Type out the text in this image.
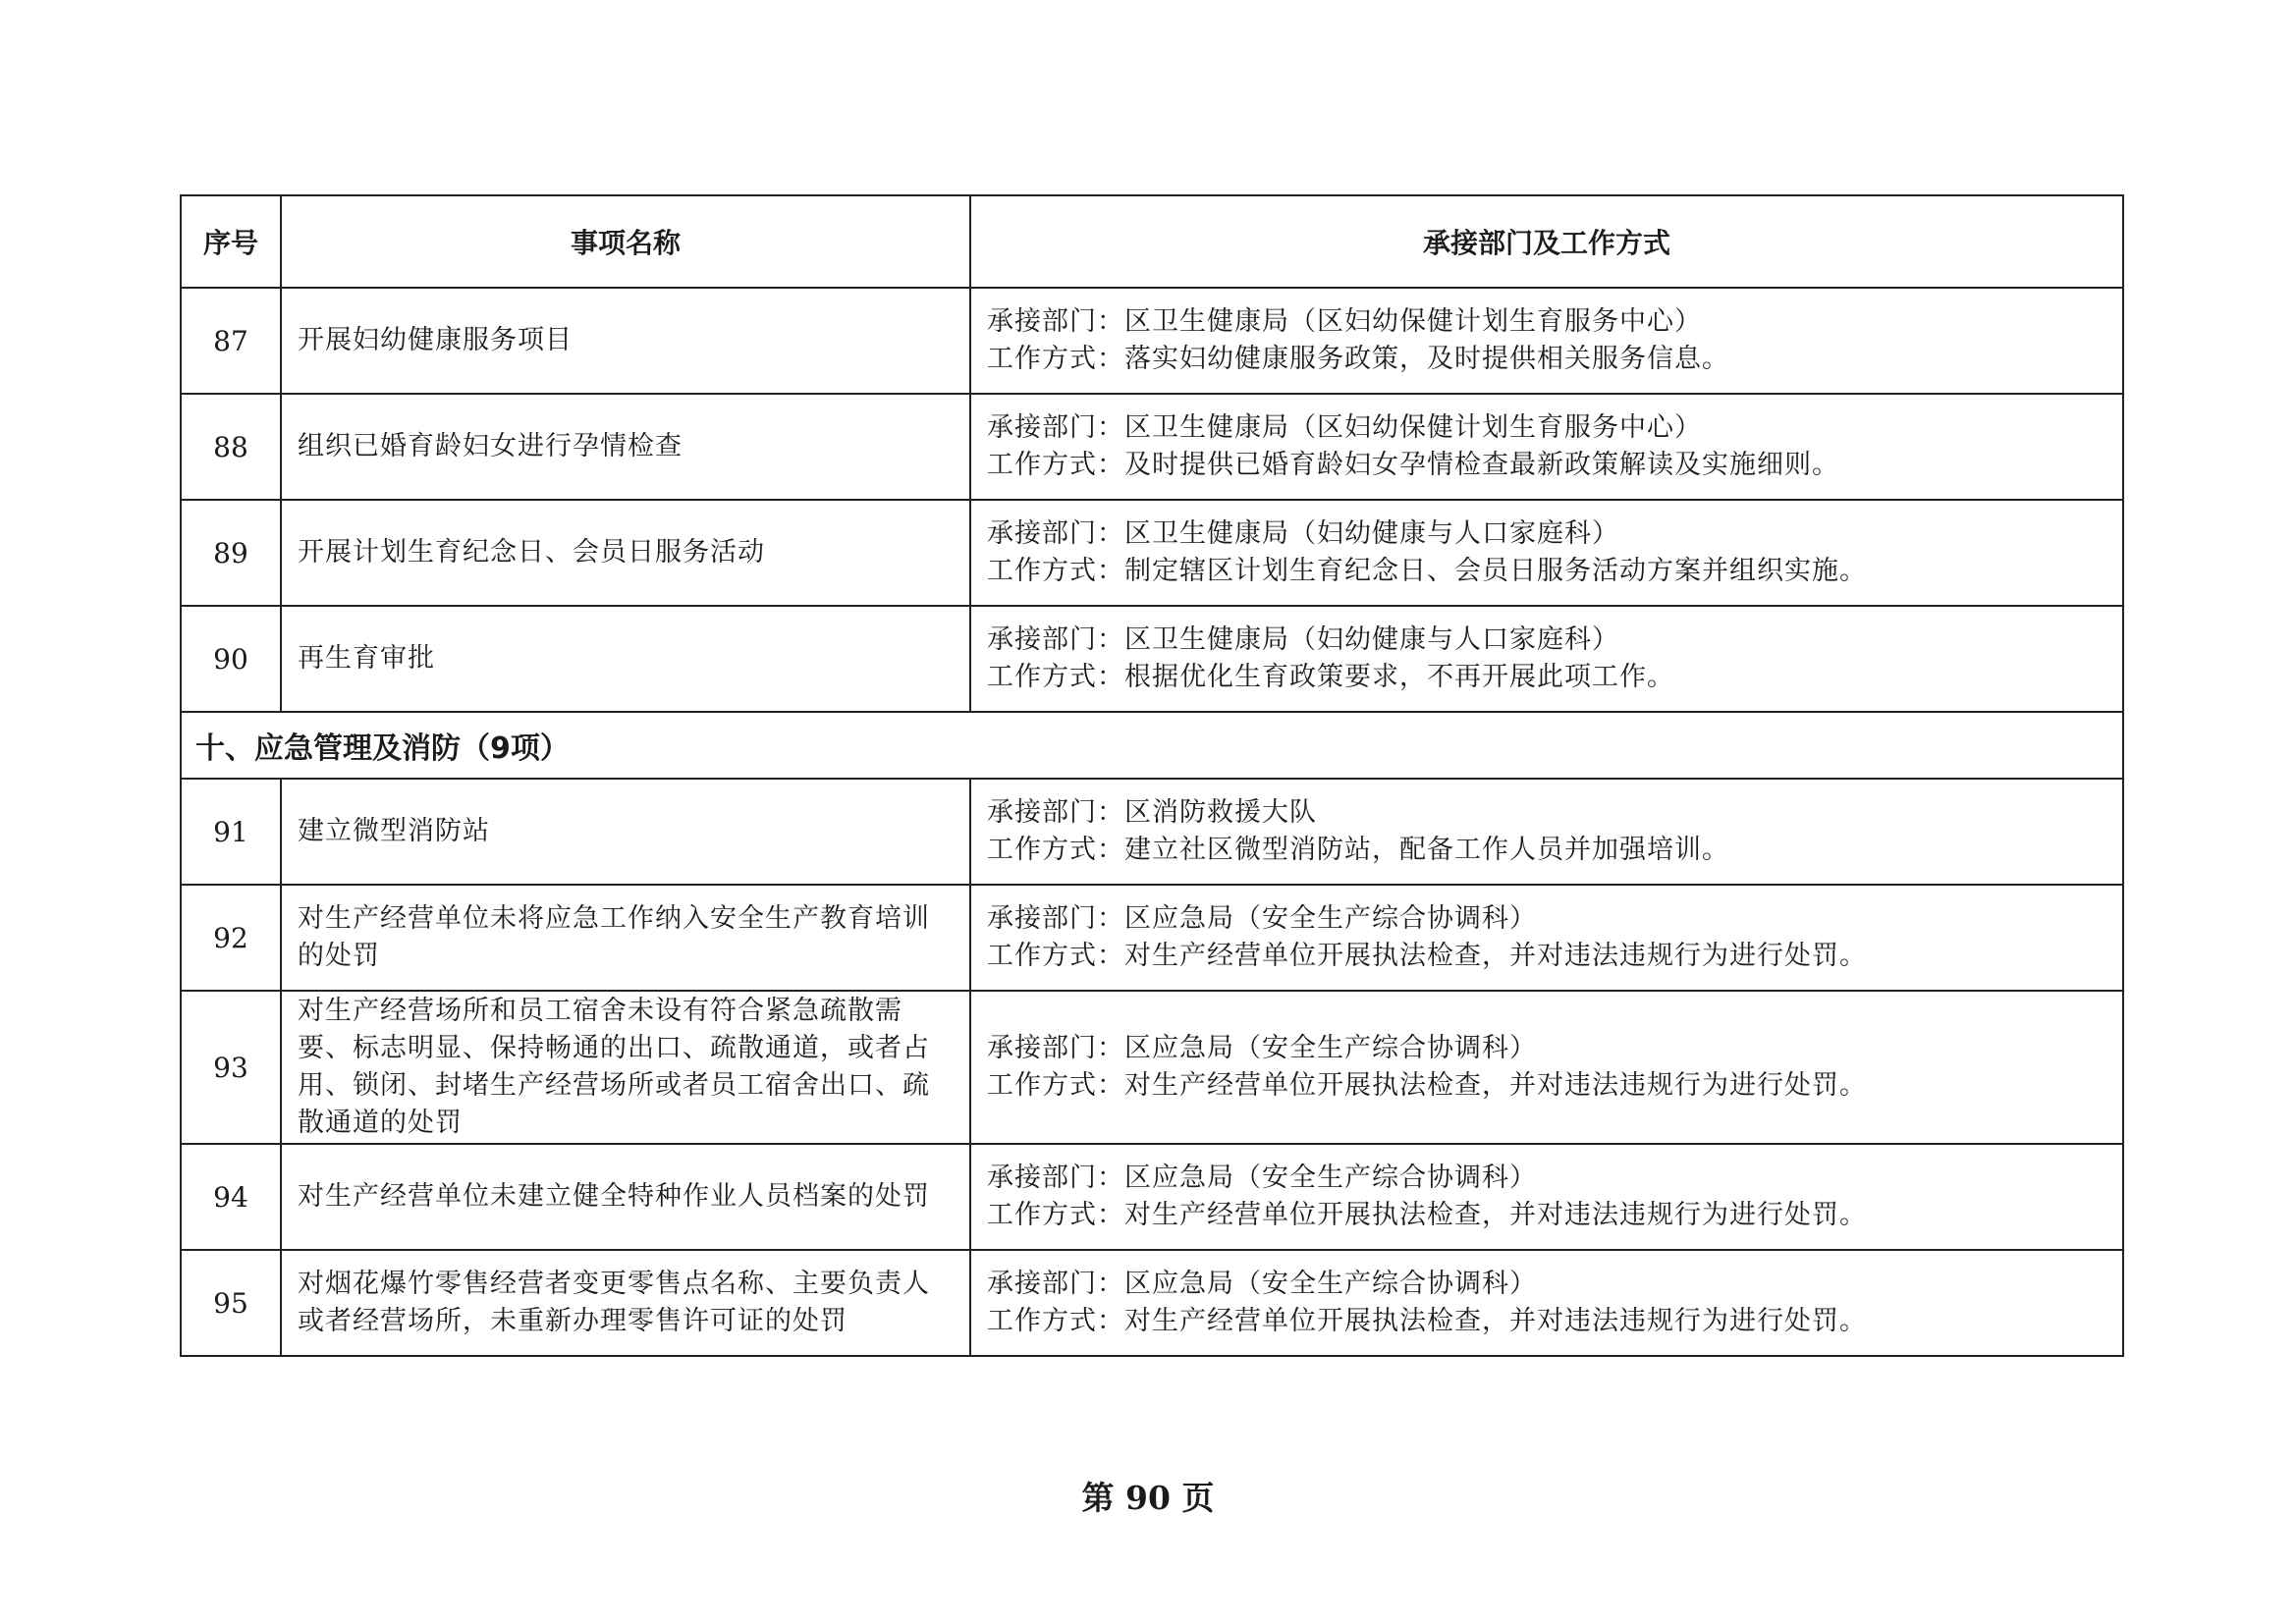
序号	事项名称	承接部门及工作方式
87	开展妇幼健康服务项目	承接部门：区卫生健康局（区妇幼保健计划生育服务中心）
工作方式：落实妇幼健康服务政策，及时提供相关服务信息。

88	组织已婚育龄妇女进行孕情检查	承接部门：区卫生健康局（区妇幼保健计划生育服务中心）
工作方式：及时提供已婚育龄妇女孕情检查最新政策解读及实施细则。

89	开展计划生育纪念日、会员日服务活动	承接部门：区卫生健康局（妇幼健康与人口家庭科）
工作方式：制定辖区计划生育纪念日、会员日服务活动方案并组织实施。

90	再生育审批	承接部门：区卫生健康局（妇幼健康与人口家庭科）
工作方式：根据优化生育政策要求，不再开展此项工作。

十、应急管理及消防（9项）		
91	建立微型消防站	承接部门：区消防救援大队
工作方式：建立社区微型消防站，配备工作人员并加强培训。

92	对生产经营单位未将应急工作纳入安全生产教育培训的处罚	承接部门：区应急局（安全生产综合协调科）
工作方式：对生产经营单位开展执法检查，并对违法违规行为进行处罚。

93	对生产经营场所和员工宿舍未设有符合紧急疏散需要、标志明显、保持畅通的出口、疏散通道，或者占用、锁闭、封堵生产经营场所或者员工宿舍出口、疏散通道的处罚	承接部门：区应急局（安全生产综合协调科）
工作方式：对生产经营单位开展执法检查，并对违法违规行为进行处罚。

94	对生产经营单位未建立健全特种作业人员档案的处罚	承接部门：区应急局（安全生产综合协调科）
工作方式：对生产经营单位开展执法检查，并对违法违规行为进行处罚。

95	对烟花爆竹零售经营者变更零售点名称、主要负责人或者经营场所，未重新办理零售许可证的处罚	承接部门：区应急局（安全生产综合协调科）
工作方式：对生产经营单位开展执法检查，并对违法违规行为进行处罚。
第 90 页
